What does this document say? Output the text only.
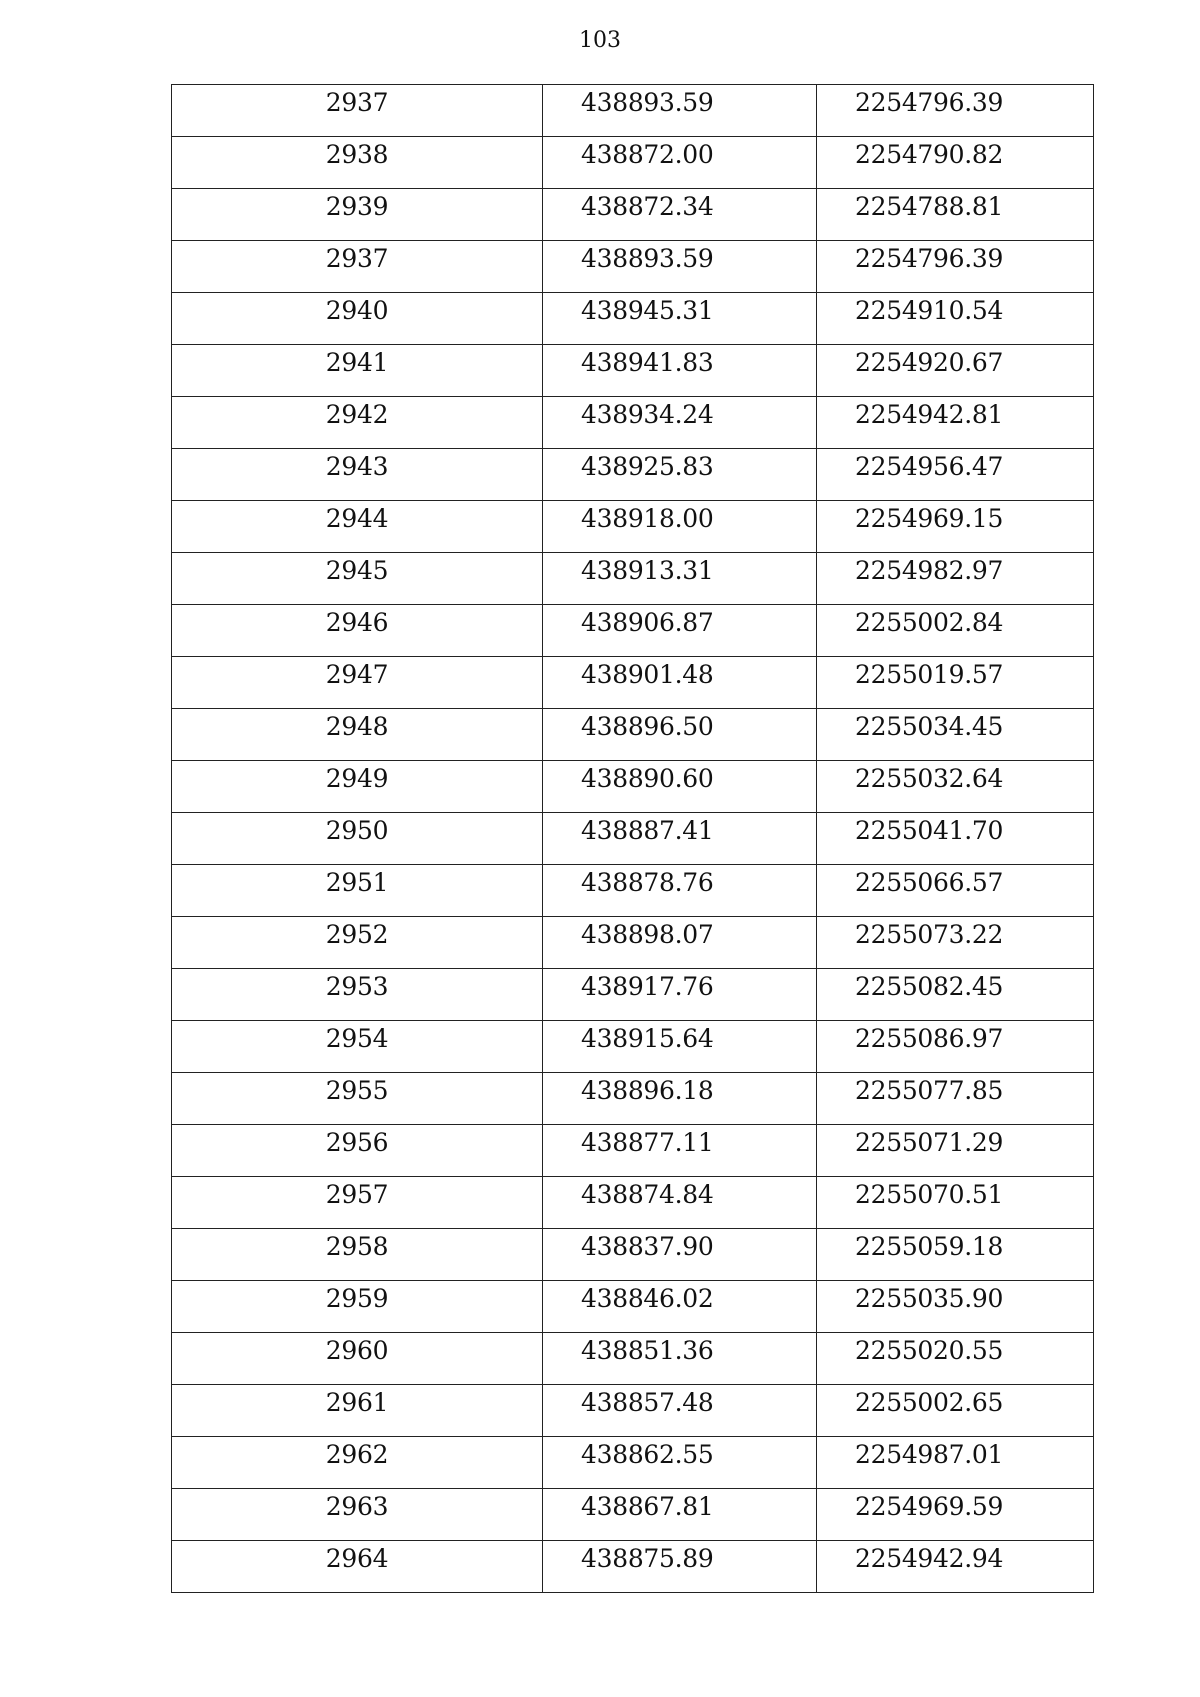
103
2937	438893.59	2254796.39

2938	438872.00	2254790.82

2939	438872.34	2254788.81

2937	438893.59	2254796.39

2940	438945.31	2254910.54

2941	438941.83	2254920.67

2942	438934.24	2254942.81

2943	438925.83	2254956.47

2944	438918.00	2254969.15

2945	438913.31	2254982.97

2946	438906.87	2255002.84

2947	438901.48	2255019.57

2948	438896.50	2255034.45

2949	438890.60	2255032.64

2950	438887.41	2255041.70

2951	438878.76	2255066.57

2952	438898.07	2255073.22

2953	438917.76	2255082.45

2954	438915.64	2255086.97

2955	438896.18	2255077.85

2956	438877.11	2255071.29

2957	438874.84	2255070.51

2958	438837.90	2255059.18

2959	438846.02	2255035.90

2960	438851.36	2255020.55

2961	438857.48	2255002.65

2962	438862.55	2254987.01

2963	438867.81	2254969.59

2964	438875.89	2254942.94
